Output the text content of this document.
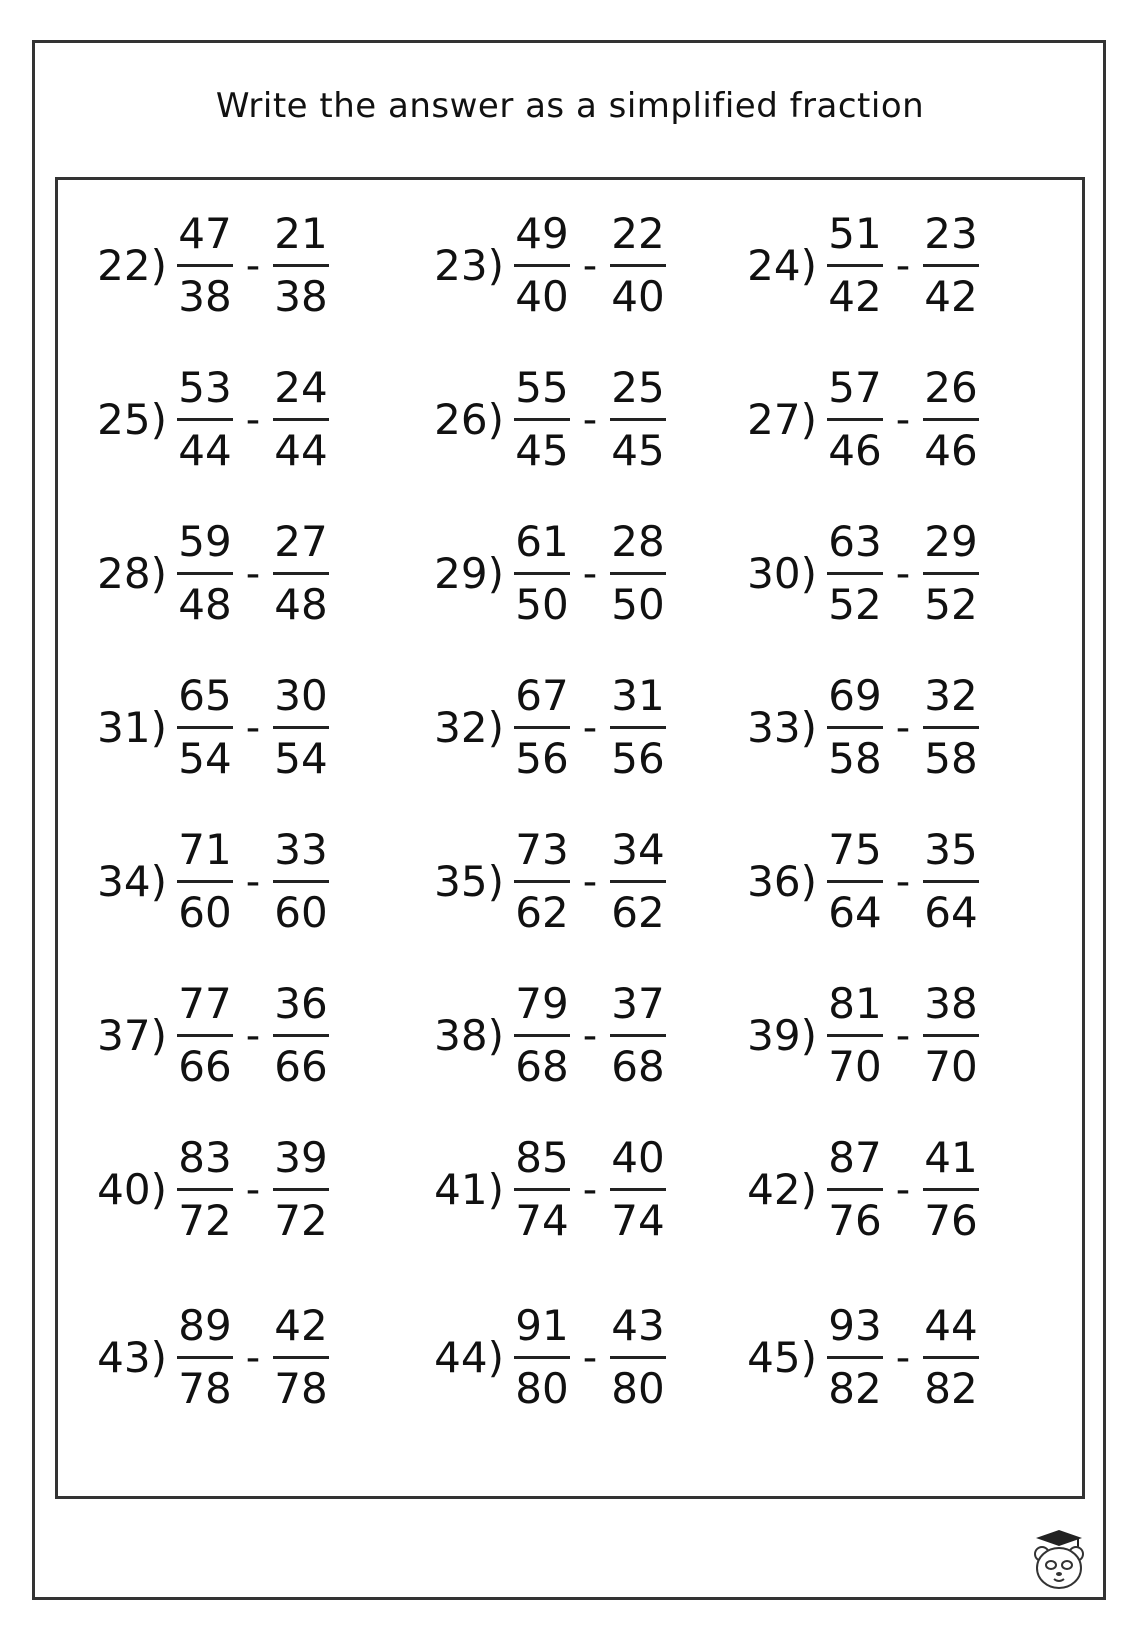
Write the answer as a simplified fraction
$22) \frac{47}{38} - \frac{21}{38}$	$23) \frac{49}{40} - \frac{22}{40} 24) \frac{51}{42} - \frac{23}{42}$
$25) \frac{53}{44} - \frac{24}{44}$	$26) \frac{55}{45} - \frac{25}{45} 27) \frac{57}{46} - \frac{26}{46}$
$28) \frac{59}{48} - \frac{27}{48}$	$29) \frac{61}{50} - \frac{28}{50} 30) \frac{63}{52} - \frac{29}{52}$
$31) \frac{65}{54} - \frac{30}{54}$	$32) \frac{67}{56} - \frac{31}{56} 33) \frac{69}{58} - \frac{32}{58}$
$34) \frac{71}{60} - \frac{33}{60}$	$35) \frac{73}{62} - \frac{34}{62} 36) \frac{75}{64} - \frac{35}{64}$
$37) \frac{77}{66} - \frac{36}{66}$	$38) \frac{79}{68} - \frac{37}{68} 39) \frac{81}{70} - \frac{38}{70}$
$40) \frac{83}{72} - \frac{39}{72}$	$41) \frac{85}{74} - \frac{40}{74} 42) \frac{87}{76} - \frac{41}{76}$
$43) \frac{89}{78} - \frac{42}{78}$	$44) \frac{91}{80} - \frac{43}{80} 45) \frac{93}{82} - \frac{44}{82}$
